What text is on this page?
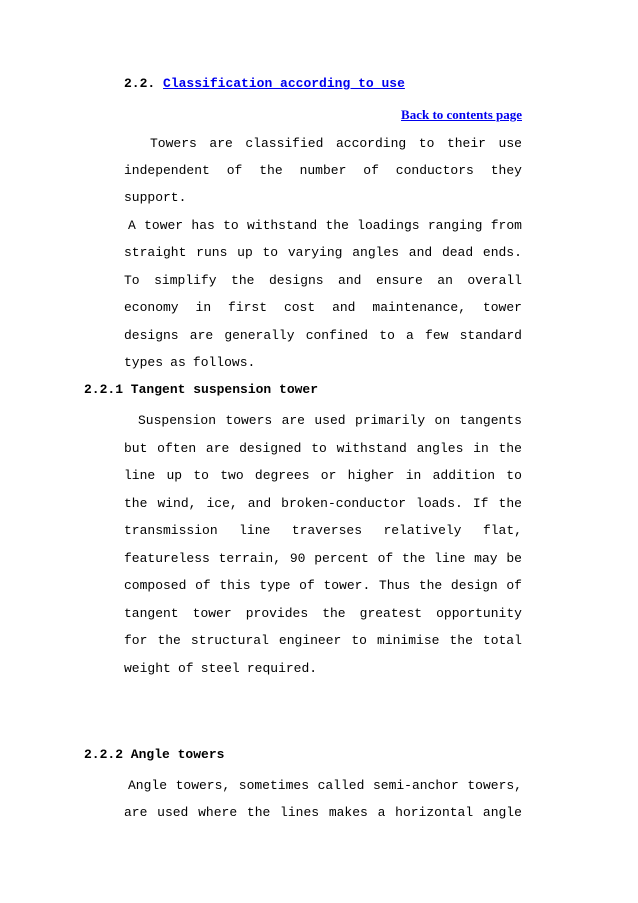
2.2. Classification according to use
Back to contents page
Towers are classified according to their use
independent of the number of conductors they
support.
A tower has to withstand the loadings ranging from
straight runs up to varying angles and dead ends.
To simplify the designs and ensure an overall
economy in first cost and maintenance, tower
designs are generally confined to a few standard
types as follows.
2.2.1 Tangent suspension tower
Suspension towers are used primarily on tangents
but often are designed to withstand angles in the
line up to two degrees or higher in addition to
the wind, ice, and broken-conductor loads. If the
transmission line traverses relatively flat,
featureless terrain, 90 percent of the line may be
composed of this type of tower. Thus the design of
tangent tower provides the greatest opportunity
for the structural engineer to minimise the total
weight of steel required.
2.2.2 Angle towers
Angle towers, sometimes called semi-anchor towers,
are used where the lines makes a horizontal angle
